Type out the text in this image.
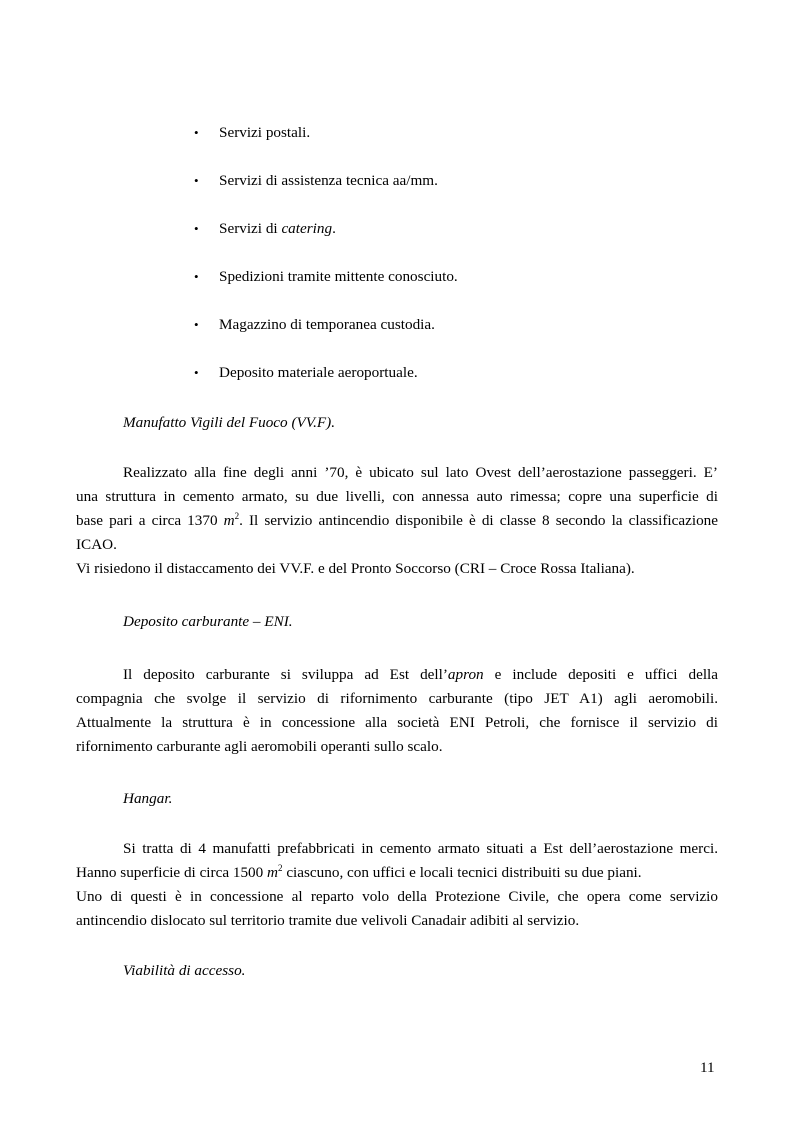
• Servizi postali.
• Servizi di assistenza tecnica aa/mm.
• Servizi di catering.
• Spedizioni tramite mittente conosciuto.
• Magazzino di temporanea custodia.
• Deposito materiale aeroportuale.
Manufatto Vigili del Fuoco (VV.F).
Realizzato alla fine degli anni ’70, è ubicato sul lato Ovest dell’aerostazione passeggeri. E’
una struttura in cemento armato, su due livelli, con annessa auto rimessa; copre una superficie di
base pari a circa 1370 $m^2$. Il servizio antincendio disponibile è di classe 8 secondo la classificazione
ICAO.
Vi risiedono il distaccamento dei VV.F. e del Pronto Soccorso (CRI – Croce Rossa Italiana).
Deposito carburante – ENI.
Il deposito carburante si sviluppa ad Est dell’apron e include depositi e uffici della
compagnia che svolge il servizio di rifornimento carburante (tipo JET A1) agli aeromobili.
Attualmente la struttura è in concessione alla società ENI Petroli, che fornisce il servizio di
rifornimento carburante agli aeromobili operanti sullo scalo.
Hangar.
Si tratta di 4 manufatti prefabbricati in cemento armato situati a Est dell’aerostazione merci.
Hanno superficie di circa 1500 $m^2$ ciascuno, con uffici e locali tecnici distribuiti su due piani.
Uno di questi è in concessione al reparto volo della Protezione Civile, che opera come servizio
antincendio dislocato sul territorio tramite due velivoli Canadair adibiti al servizio.
Viabilità di accesso.
11
